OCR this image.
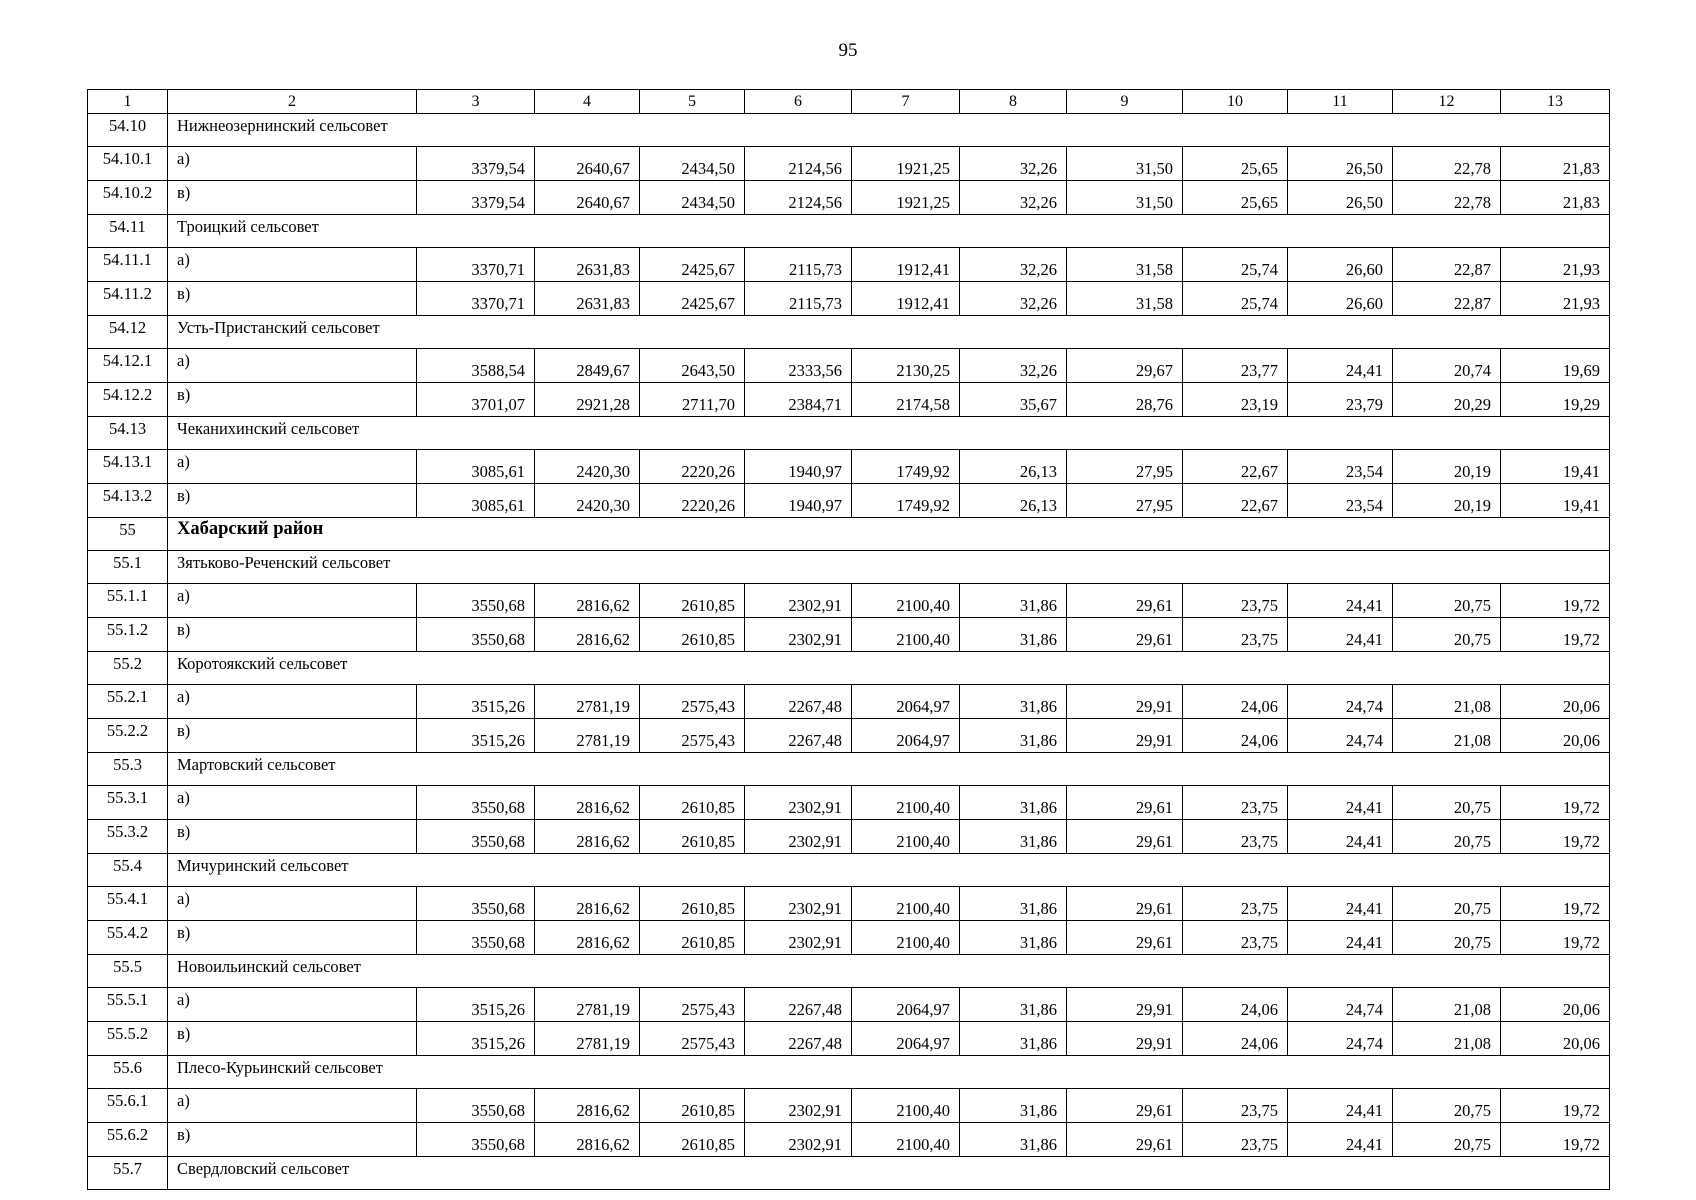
95
1	2	3	4	5	6	7	8	9	10	11	12	13
54.10	Нижнеозернинский сельсовет											
54.10.1	а)	3379,54	2640,67	2434,50	2124,56	1921,25	32,26	31,50	25,65	26,50	22,78	21,83
54.10.2	в)	3379,54	2640,67	2434,50	2124,56	1921,25	32,26	31,50	25,65	26,50	22,78	21,83
54.11	Троицкий сельсовет											
54.11.1	а)	3370,71	2631,83	2425,67	2115,73	1912,41	32,26	31,58	25,74	26,60	22,87	21,93
54.11.2	в)	3370,71	2631,83	2425,67	2115,73	1912,41	32,26	31,58	25,74	26,60	22,87	21,93
54.12	Усть-Пристанский сельсовет											
54.12.1	а)	3588,54	2849,67	2643,50	2333,56	2130,25	32,26	29,67	23,77	24,41	20,74	19,69
54.12.2	в)	3701,07	2921,28	2711,70	2384,71	2174,58	35,67	28,76	23,19	23,79	20,29	19,29
54.13	Чеканихинский сельсовет											
54.13.1	а)	3085,61	2420,30	2220,26	1940,97	1749,92	26,13	27,95	22,67	23,54	20,19	19,41
54.13.2	в)	3085,61	2420,30	2220,26	1940,97	1749,92	26,13	27,95	22,67	23,54	20,19	19,41
55	Хабарский район											
55.1	Зятьково-Реченский сельсовет											
55.1.1	а)	3550,68	2816,62	2610,85	2302,91	2100,40	31,86	29,61	23,75	24,41	20,75	19,72
55.1.2	в)	3550,68	2816,62	2610,85	2302,91	2100,40	31,86	29,61	23,75	24,41	20,75	19,72
55.2	Коротоякский сельсовет											
55.2.1	а)	3515,26	2781,19	2575,43	2267,48	2064,97	31,86	29,91	24,06	24,74	21,08	20,06
55.2.2	в)	3515,26	2781,19	2575,43	2267,48	2064,97	31,86	29,91	24,06	24,74	21,08	20,06
55.3	Мартовский сельсовет											
55.3.1	а)	3550,68	2816,62	2610,85	2302,91	2100,40	31,86	29,61	23,75	24,41	20,75	19,72
55.3.2	в)	3550,68	2816,62	2610,85	2302,91	2100,40	31,86	29,61	23,75	24,41	20,75	19,72
55.4	Мичуринский сельсовет											
55.4.1	а)	3550,68	2816,62	2610,85	2302,91	2100,40	31,86	29,61	23,75	24,41	20,75	19,72
55.4.2	в)	3550,68	2816,62	2610,85	2302,91	2100,40	31,86	29,61	23,75	24,41	20,75	19,72
55.5	Новоильинский сельсовет											
55.5.1	а)	3515,26	2781,19	2575,43	2267,48	2064,97	31,86	29,91	24,06	24,74	21,08	20,06
55.5.2	в)	3515,26	2781,19	2575,43	2267,48	2064,97	31,86	29,91	24,06	24,74	21,08	20,06
55.6	Плесо-Курьинский сельсовет											
55.6.1	а)	3550,68	2816,62	2610,85	2302,91	2100,40	31,86	29,61	23,75	24,41	20,75	19,72
55.6.2	в)	3550,68	2816,62	2610,85	2302,91	2100,40	31,86	29,61	23,75	24,41	20,75	19,72
55.7	Свердловский сельсовет											
